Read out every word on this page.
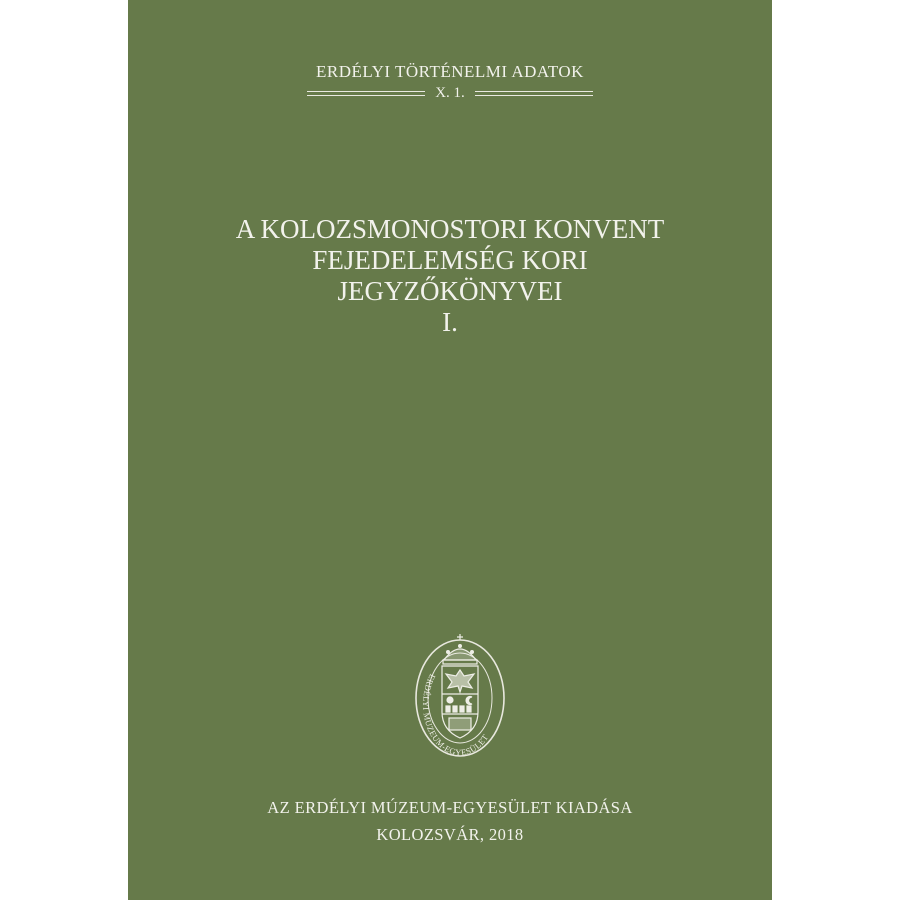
ERDÉLYI TÖRTÉNELMI ADATOK
X. 1.
A KOLOZSMONOSTORI KONVENT
FEJEDELEMSÉG KORI
JEGYZŐKÖNYVEI
I.
ERDÉLYI MÚZEUM-EGYESÜLET
AZ ERDÉLYI MÚZEUM-EGYESÜLET KIADÁSA
KOLOZSVÁR, 2018
